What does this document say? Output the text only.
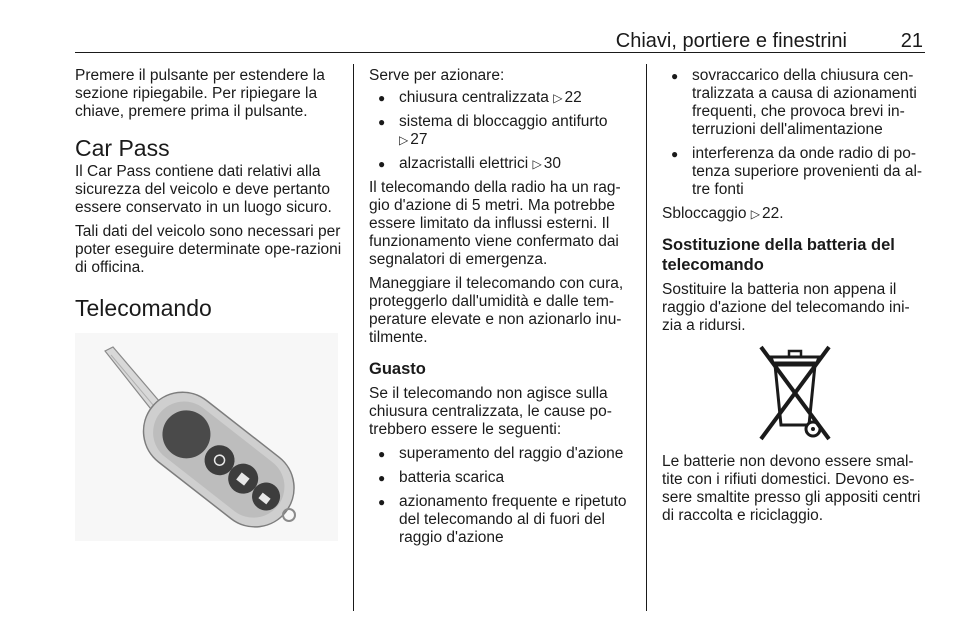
Chiavi, portiere e finestrini	21

Premere il pulsante per estendere la sezione ripiegabile. Per ripiegare la chiave, premere prima il pulsante.

Car Pass

Il Car Pass contiene dati relativi alla
sicurezza del veicolo e deve pertanto
essere conservato in un luogo sicuro.

Tali dati del veicolo sono necessari per poter eseguire determinate ope-razioni di officina.

Telecomando

Serve per azionare:

● chiusura centralizzata ▷ 22
● sistema di bloccaggio antifurto
▷ 27
● alzacristalli elettrici ▷ 30

Il telecomando della radio ha un rag-gio d'azione di 5 metri. Ma potrebbe essere limitato da influssi esterni. Il funzionamento viene confermato dai segnalatori di emergenza.

Maneggiare il telecomando con cura, proteggerlo dall'umidità e dalle tem-perature elevate e non azionarlo inu-tilmente.

Guasto

Se il telecomando non agisce sulla chiusura centralizzata, le cause po-trebbero essere le seguenti:

● superamento del raggio d'azione
● batteria scarica
● azionamento frequente e ripetuto del telecomando al di fuori del raggio d'azione
● sovraccarico della chiusura cen-tralizzata a causa di azionamenti frequenti, che provoca brevi in-terruzioni dell'alimentazione
● interferenza da onde radio di po-tenza superiore provenienti da al-tre fonti

Sbloccaggio ▷ 22.

Sostituzione della batteria del telecomando

Sostituire la batteria non appena il raggio d'azione del telecomando ini-zia a ridursi.

Le batterie non devono essere smal-tite con i rifiuti domestici. Devono es-sere smaltite presso gli appositi centri di raccolta e riciclaggio.
